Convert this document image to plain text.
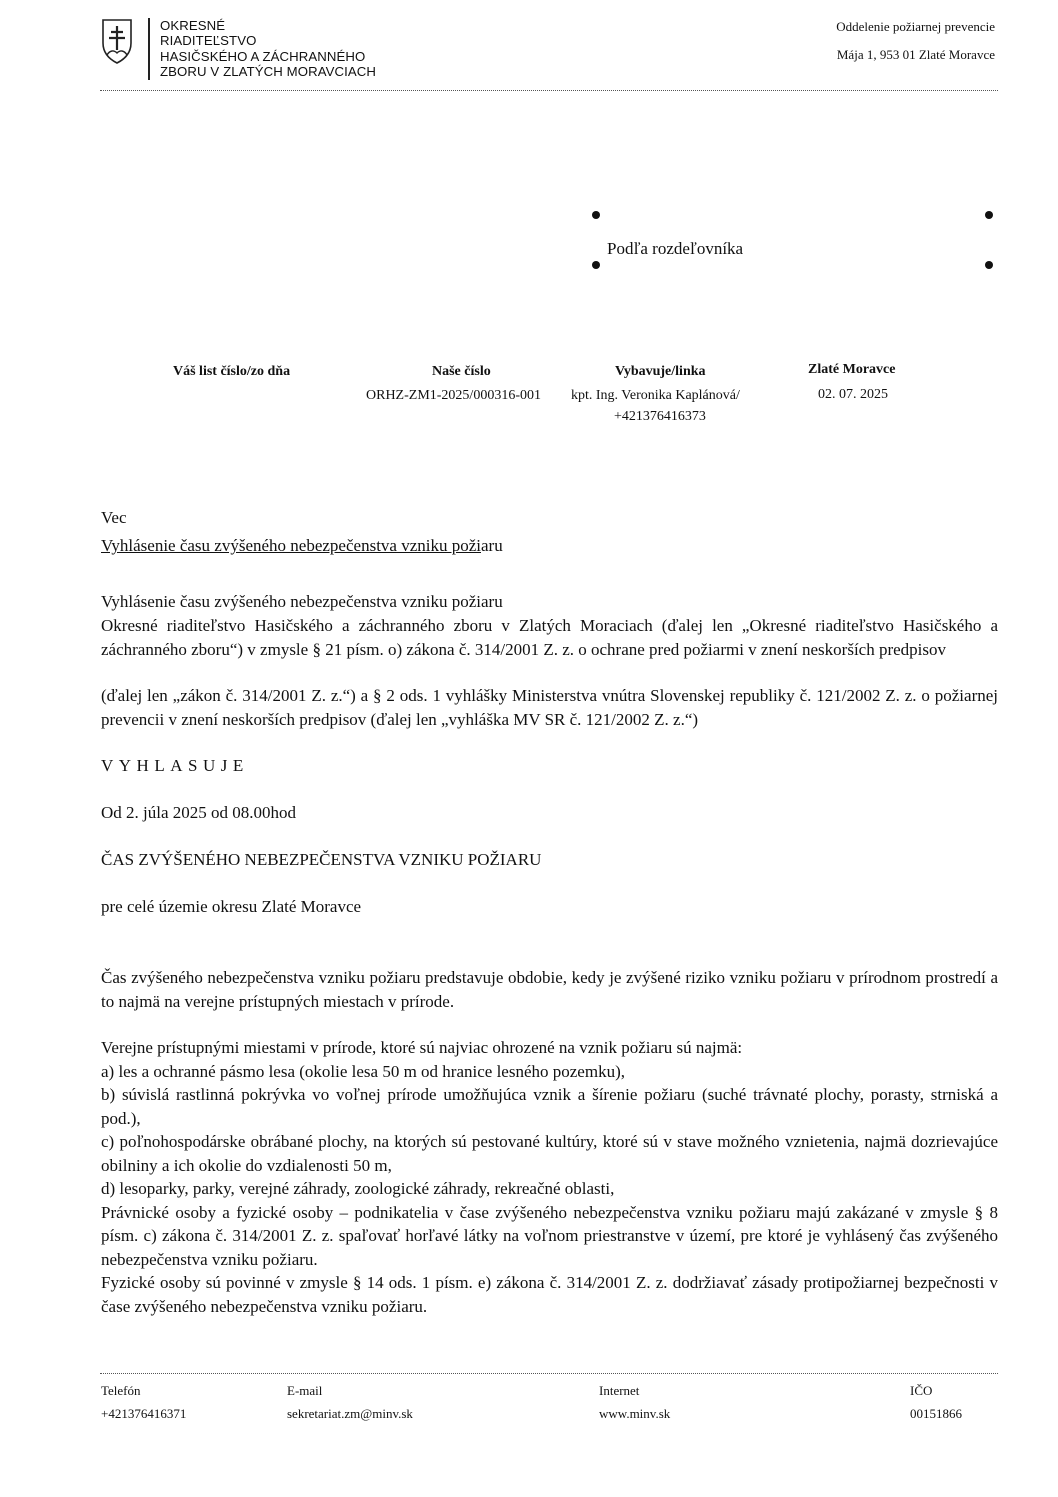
OKRESNÉ
RIADITEĽSTVO
HASIČSKÉHO A ZÁCHRANNÉHO
ZBORU V ZLATÝCH MORAVCIACH
Oddelenie požiarnej prevencie
Mája 1, 953 01 Zlaté Moravce
Podľa rozdeľovníka
Váš list číslo/zo dňa	Naše číslo
ORHZ-ZM1-2025/000316-001
Vybavuje/linka
kpt. Ing. Veronika Kaplánová/
+421376416373
Zlaté Moravce
02. 07. 2025
Vec
Vyhlásenie času zvýšeného nebezpečenstva vzniku požiaru
Vyhlásenie času zvýšeného nebezpečenstva vzniku požiaru
Okresné riaditeľstvo Hasičského a záchranného zboru v Zlatých Moraciach (ďalej len „Okresné riaditeľstvo Hasičského a záchranného zboru“) v zmysle § 21 písm. o) zákona č. 314/2001 Z. z. o ochrane pred požiarmi v znení neskorších predpisov
(ďalej len „zákon č. 314/2001 Z. z.“) a § 2 ods. 1 vyhlášky Ministerstva vnútra Slovenskej republiky č. 121/2002 Z. z. o požiarnej prevencii v znení neskorších predpisov (ďalej len „vyhláška MV SR č. 121/2002 Z. z.“)
VYHLASUJE
Od 2. júla 2025 od 08.00hod
ČAS ZVÝŠENÉHO NEBEZPEČENSTVA VZNIKU POŽIARU
pre celé územie okresu Zlaté Moravce
Čas zvýšeného nebezpečenstva vzniku požiaru predstavuje obdobie, kedy je zvýšené riziko vzniku požiaru v prírodnom prostredí a to najmä na verejne prístupných miestach v prírode.
Verejne prístupnými miestami v prírode, ktoré sú najviac ohrozené na vznik požiaru sú najmä:
a) les a ochranné pásmo lesa (okolie lesa 50 m od hranice lesného pozemku),
b) súvislá rastlinná pokrývka vo voľnej prírode umožňujúca vznik a šírenie požiaru (suché trávnaté plochy, porasty, strniská a pod.),
c) poľnohospodárske obrábané plochy, na ktorých sú pestované kultúry, ktoré sú v stave možného vznietenia, najmä dozrievajúce obilniny a ich okolie do vzdialenosti 50 m,
d) lesoparky, parky, verejné záhrady, zoologické záhrady, rekreačné oblasti,
Právnické osoby a fyzické osoby – podnikatelia v čase zvýšeného nebezpečenstva vzniku požiaru majú zakázané v zmysle § 8 písm. c) zákona č. 314/2001 Z. z. spaľovať horľavé látky na voľnom priestranstve v území, pre ktoré je vyhlásený čas zvýšeného nebezpečenstva vzniku požiaru.
Fyzické osoby sú povinné v zmysle § 14 ods. 1 písm. e) zákona č. 314/2001 Z. z. dodržiavať zásady protipožiarnej bezpečnosti v čase zvýšeného nebezpečenstva vzniku požiaru.
Telefón
+421376416371
E-mail
sekretariat.zm@minv.sk
Internet
www.minv.sk
IČO
00151866
